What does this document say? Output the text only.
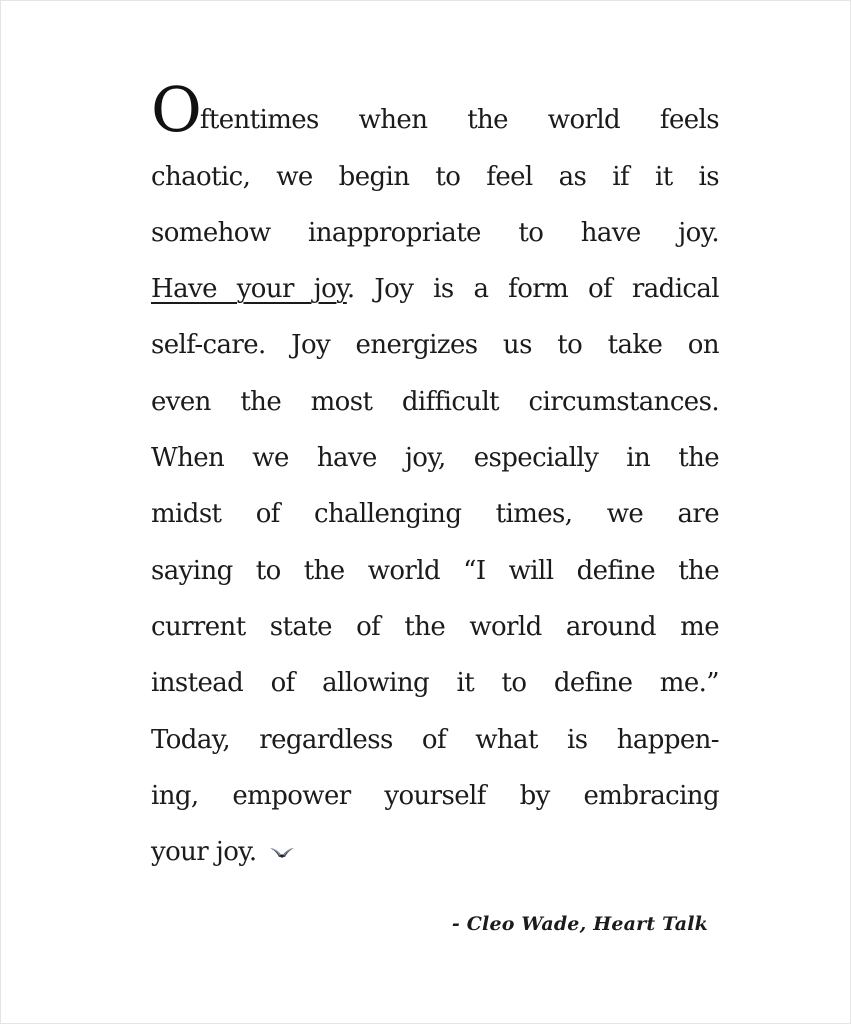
Oftentimes when the world feels
chaotic, we begin to feel as if it is
somehow inappropriate to have joy.
Have your joy. Joy is a form of radical
self-care. Joy energizes us to take on
even the most difficult circumstances.
When we have joy, especially in the
midst of challenging times, we are
saying to the world “I will define the
current state of the world around me
instead of allowing it to define me.”
Today, regardless of what is happen-
ing, empower yourself by embracing
your joy.
- Cleo Wade, Heart Talk
